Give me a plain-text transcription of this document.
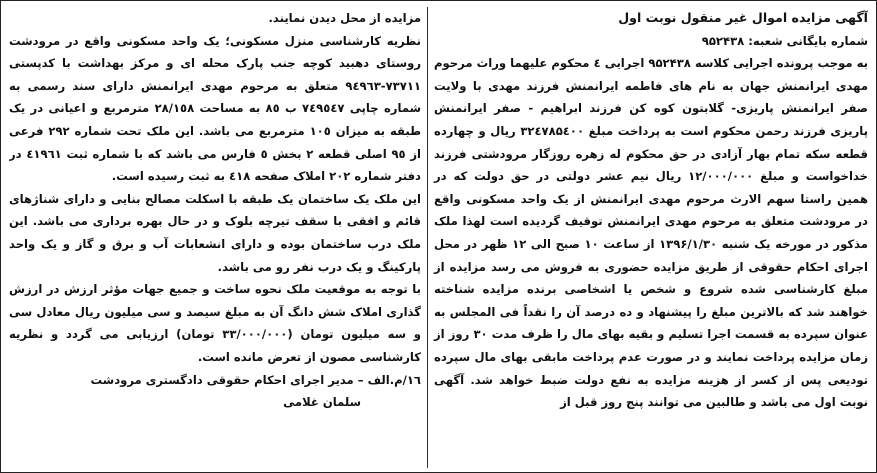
مزایده از محل دیدن نمایند.

نظریه کارشناسی منزل مسکونی؛ یک واحد مسکونی واقع در مرودشت روستای دهبید کوچه جنب پارک محله ای و مرکز بهداشت با کدپستی ۷۳۷۱۱-۹٤۹٦۳ متعلق به مرحوم مهدی ایرانمنش دارای سند رسمی به شماره چاپی ۷٤۹٥٤۷ ب ۸٥ به مساحت ۲۸/۱٥۸ مترمربع و اعیانی در یک طبقه به میزان ۱٠٥ مترمربع می باشد. این ملک تحت شماره ۲۹۲ فرعی از ۹٥ اصلی قطعه ۲ بخش ٥ فارس می باشد که با شماره ثبت ٤۱۹٦۱ در دفتر شماره ۲٠۲ املاک صفحه ٤۱۸ به ثبت رسیده است.

این ملک یک ساختمان یک طبقه با اسکلت مصالح بنایی و دارای شناژهای قائم و افقی با سقف تیرچه بلوک و در حال بهره برداری می باشد. این ملک درب ساختمان بوده و دارای انشعابات آب و برق و گاز و یک واحد پارکینگ و یک درب نفر رو می باشد.

با توجه به موقعیت ملک نحوه ساخت و جمیع جهات مؤثر ارزش در ارزش گذاری املاک شش دانگ آن به مبلغ سیصد و سی میلیون ریال معادل سی و سه میلیون تومان (۳۳/۰۰۰/۰۰۰ تومان) ارزیابی می گردد و نظریه کارشناسی مصون از تعرض مانده است.

۱٦/م.الف – مدیر اجرای احکام حقوقی دادگستری مرودشت

سلمان غلامی

آگهی مزایده اموال غیر منقول نوبت اول

شماره بایگانی شعبه: ۹۵۲۴۳۸

به موجب پرونده اجرایی کلاسه ۹۵۲۴۳۸ اجرایی ٤ محکوم علیهما وراث مرحوم مهدی ایرانمنش جهان به نام های فاطمه ایرانمنش فرزند مهدی با ولایت صفر ایرانمنش پاریزی- گلابتون کوه کن فرزند ابراهیم - صفر ایرانمنش پاریزی فرزند رحمن محکوم است به پرداخت مبلغ ۳۲٤۷۸۵٤٠٠ ریال و چهارده قطعه سکه تمام بهار آزادی در حق محکوم له زهره روزگار مرودشتی فرزند خداخواست و مبلغ ۱۲/۰۰۰/۰۰۰ ریال نیم عشر دولتی در حق دولت که در همین راستا سهم الارث مرحوم مهدی ایرانمنش از یک واحد مسکونی واقع در مرودشت متعلق به مرحوم مهدی ایرانمنش توقیف گردیده است لهذا ملک مذکور در مورخه یک شنبه ۱۳۹۶/۱/۳۰ از ساعت ۱۰ صبح الی ۱۲ ظهر در محل اجرای احکام حقوقی از طریق مزایده حضوری به فروش می رسد مزایده از مبلغ کارشناسی شده شروع و شخص یا اشخاصی برنده مزایده شناخته خواهند شد که بالاترین مبلغ را پیشنهاد و ده درصد آن را نقداً فی المجلس به عنوان سپرده به قسمت اجرا تسلیم و بقیه بهای مال را ظرف مدت ۳۰ روز از زمان مزایده پرداخت نمایند و در صورت عدم پرداخت مابقی بهای مال سپرده تودیعی پس از کسر از هزینه مزایده به نفع دولت ضبط خواهد شد. آگهی نوبت اول می باشد و طالبین می توانند پنج روز قبل از
